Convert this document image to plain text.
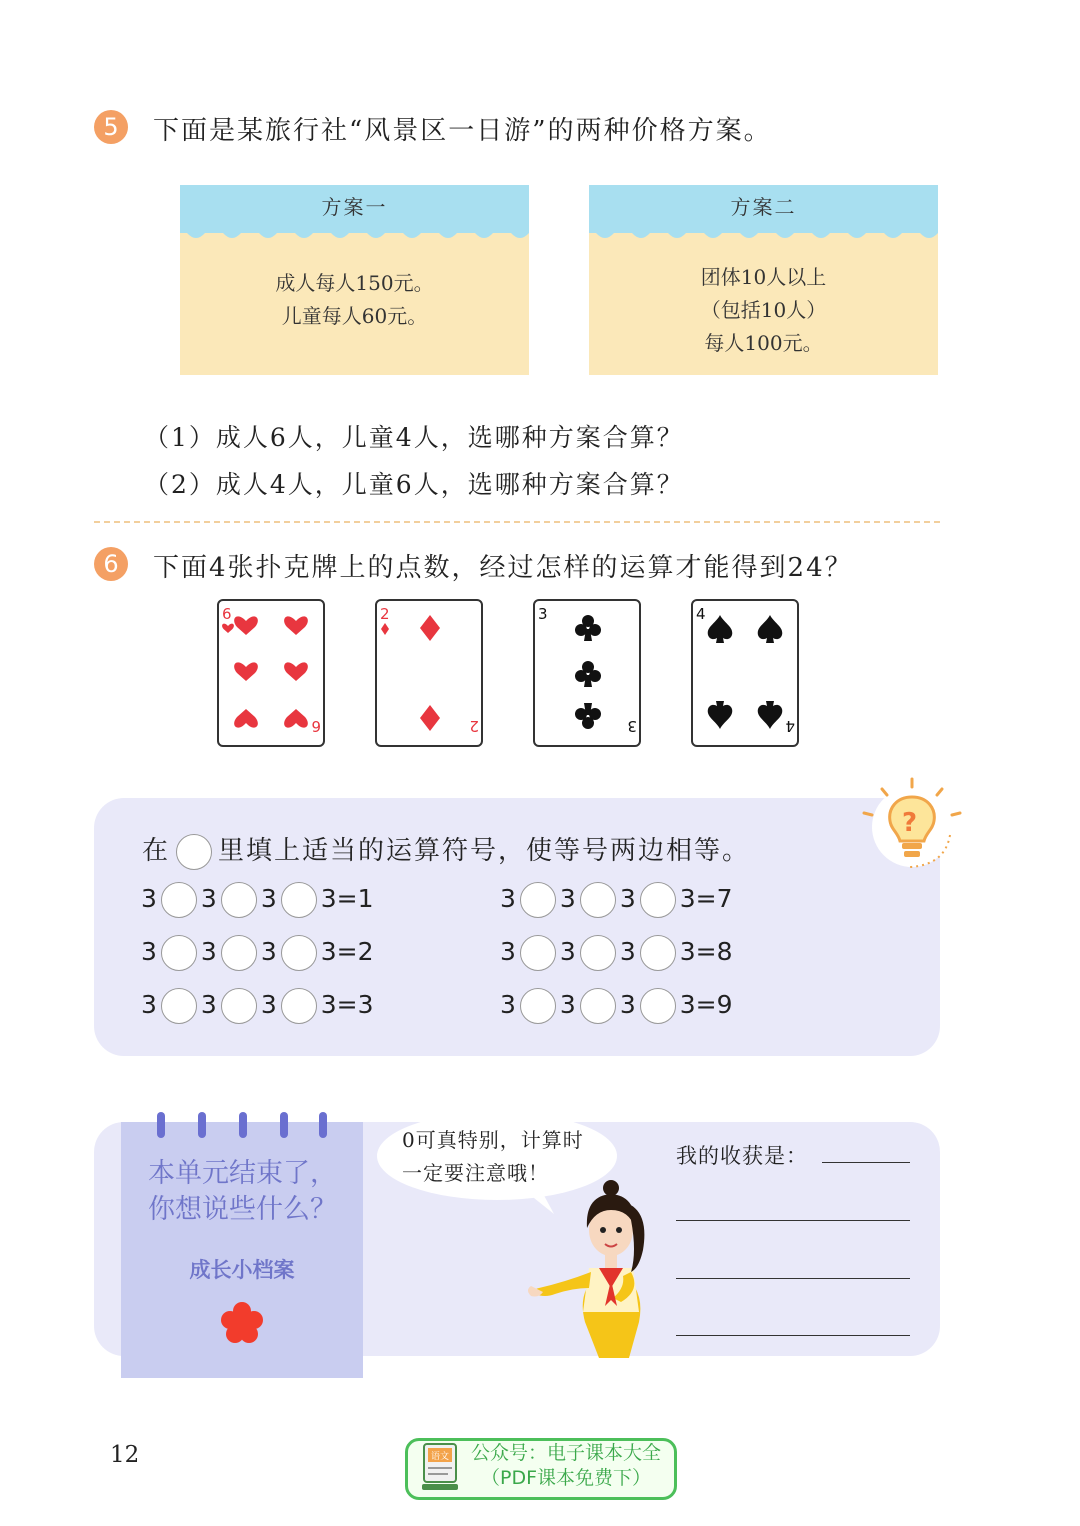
5	下面是某旅行社“风景区一日游”的两种价格方案。
方案一
成人每人150元。
儿童每人60元。
方案二
团体10人以上
（包括10人）
每人100元。
（1）成人6人，儿童4人，选哪种方案合算？
（2）成人4人，儿童6人，选哪种方案合算？
6	下面4张扑克牌上的点数，经过怎样的运算才能得到24？
6
6
2
2
3
3
4
4
?
在 里填上适当的运算符号，使等号两边相等。
3 3 3 3=1
3 3 3 3=2
3 3 3 3=3
3 3 3 3=7
3 3 3 3=8
3 3 3 3=9
本单元结束了，
你想说些什么？
成长小档案
0可真特别，计算时
一定要注意哦！
我的收获是：
12	语文 公众号：电子课本大全
（PDF课本免费下）
